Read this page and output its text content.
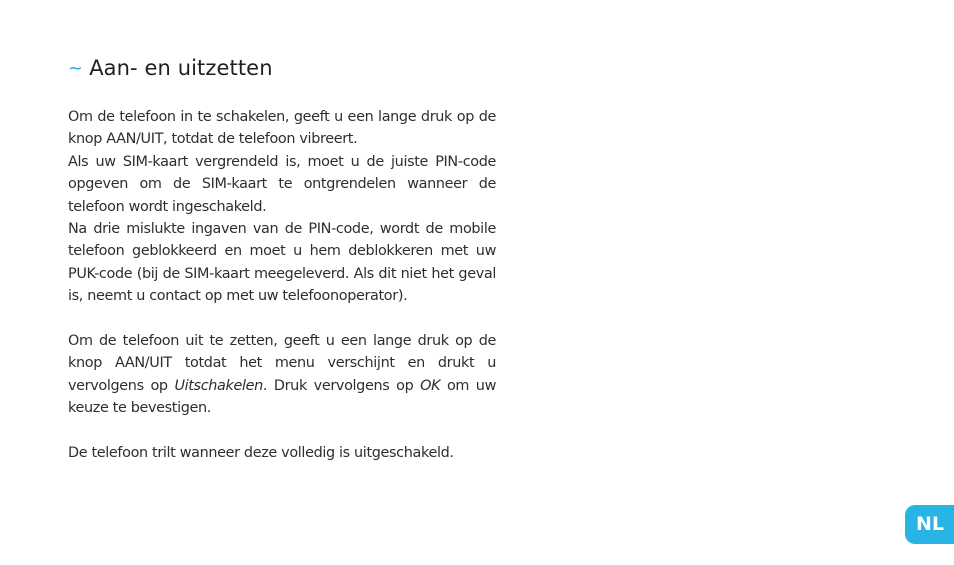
~ Aan- en uitzetten

Om de telefoon in te schakelen, geeft u een lange druk op de knop AAN/UIT, totdat de telefoon vibreert.

Als uw SIM-kaart vergrendeld is, moet u de juiste PIN-code opgeven om de SIM-kaart te ontgrendelen wanneer de telefoon wordt ingeschakeld.

Na drie mislukte ingaven van de PIN-code, wordt de mobile telefoon geblokkeerd en moet u hem deblokkeren met uw PUK-code (bij de SIM-kaart meegeleverd. Als dit niet het geval is, neemt u contact op met uw telefoonoperator).

Om de telefoon uit te zetten, geeft u een lange druk op de knop AAN/UIT totdat het menu verschijnt en drukt u vervolgens op Uitschakelen. Druk vervolgens op OK om uw keuze te bevestigen.

De telefoon trilt wanneer deze volledig is uitgeschakeld.

NL
